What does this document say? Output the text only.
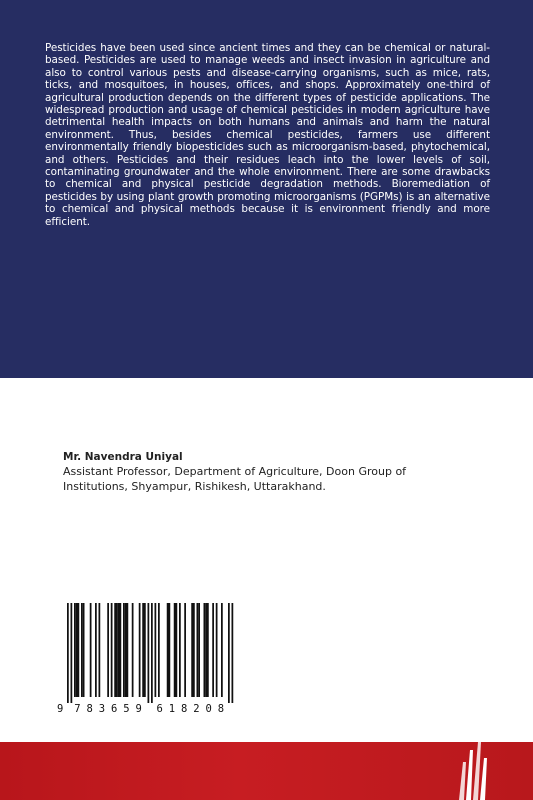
Pesticides have been used since ancient times and they can be chemical or natural-based. Pesticides are used to manage weeds and insect invasion in agriculture and also to control various pests and disease-carrying organisms, such as mice, rats, ticks, and mosquitoes, in houses, offices, and shops. Approximately one-third of agricultural production depends on the different types of pesticide applications. The widespread production and usage of chemical pesticides in modern agriculture have detrimental health impacts on both humans and animals and harm the natural environment. Thus, besides chemical pesticides, farmers use different environmentally friendly biopesticides such as microorganism-based, phytochemical, and others. Pesticides and their residues leach into the lower levels of soil, contaminating groundwater and the whole environment. There are some drawbacks to chemical and physical pesticide degradation methods. Bioremediation of pesticides by using plant growth promoting microorganisms (PGPMs) is an alternative to chemical and physical methods because it is environment friendly and more efficient.

Mr. Navendra Uniyal

Assistant Professor, Department of Agriculture, Doon Group of Institutions, Shyampur, Rishikesh, Uttarakhand.

9 7 8 3 6 5 9 6 1 8 2 0 8
